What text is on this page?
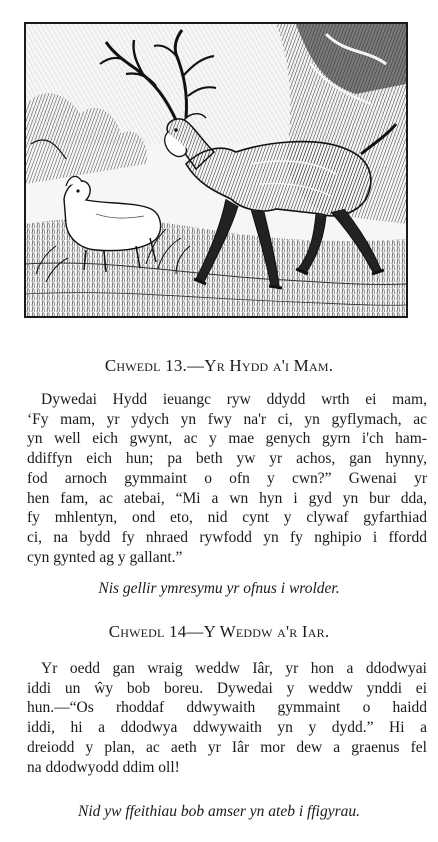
Chwedl 13.—Yr Hydd a'i Mam.
Dywedai Hydd ieuangc ryw ddydd wrth ei mam,
‘Fy mam, yr ydych yn fwy na'r ci, yn gyflymach, ac
yn well eich gwynt, ac y mae genych gyrn i'ch ham-
ddiffyn eich hun; pa beth yw yr achos, gan hynny,
fod arnoch gymmaint o ofn y cwn?” Gwenai yr
hen fam, ac atebai, “Mi a wn hyn i gyd yn bur dda,
fy mhlentyn, ond eto, nid cynt y clywaf gyfarthiad
ci, na bydd fy nhraed rywfodd yn fy nghipio i ffordd
cyn gynted ag y gallant.”

Nis gellir ymresymu yr ofnus i wrolder.

Chwedl 14—Y Weddw a'r Iar.
Yr oedd gan wraig weddw Iâr, yr hon a ddodwyai
iddi un ŵy bob boreu. Dywedai y weddw ynddi ei
hun.—“Os rhoddaf ddwywaith gymmaint o haidd
iddi, hi a ddodwya ddwywaith yn y dydd.” Hi a
dreiodd y plan, ac aeth yr Iâr mor dew a graenus fel
na ddodwyodd ddim oll!

Nid yw ffeithiau bob amser yn ateb i ffigyrau.
